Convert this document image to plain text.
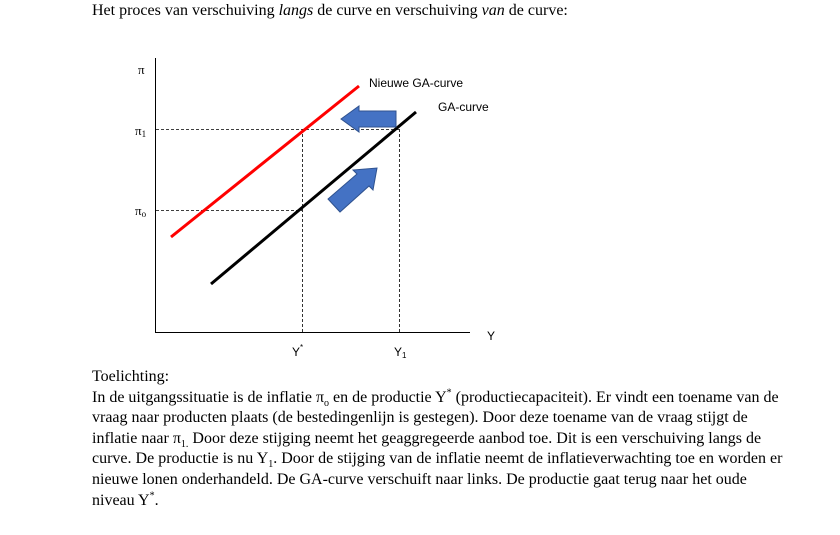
Het proces van verschuiving langs de curve en verschuiving van de curve:
π
Y
π1
πo
Y*	Y1
Nieuwe GA-curve
GA-curve

Toelichting:

In de uitgangssituatie is de inflatie $\pi_o$ en de productie Y* (productiecapaciteit). Er vindt een toename van de vraag naar producten plaats (de bestedingenlijn is gestegen). Door deze toename van de vraag stijgt de inflatie naar $\pi_{1.}$ Door deze stijging neemt het geaggregeerde aanbod toe. Dit is een verschuiving langs de curve. De productie is nu $Y_1$. Door de stijging van de inflatie neemt de inflatieverwachting toe en worden er nieuwe lonen onderhandeld. De GA-curve verschuift naar links. De productie gaat terug naar het oude niveau Y*.
